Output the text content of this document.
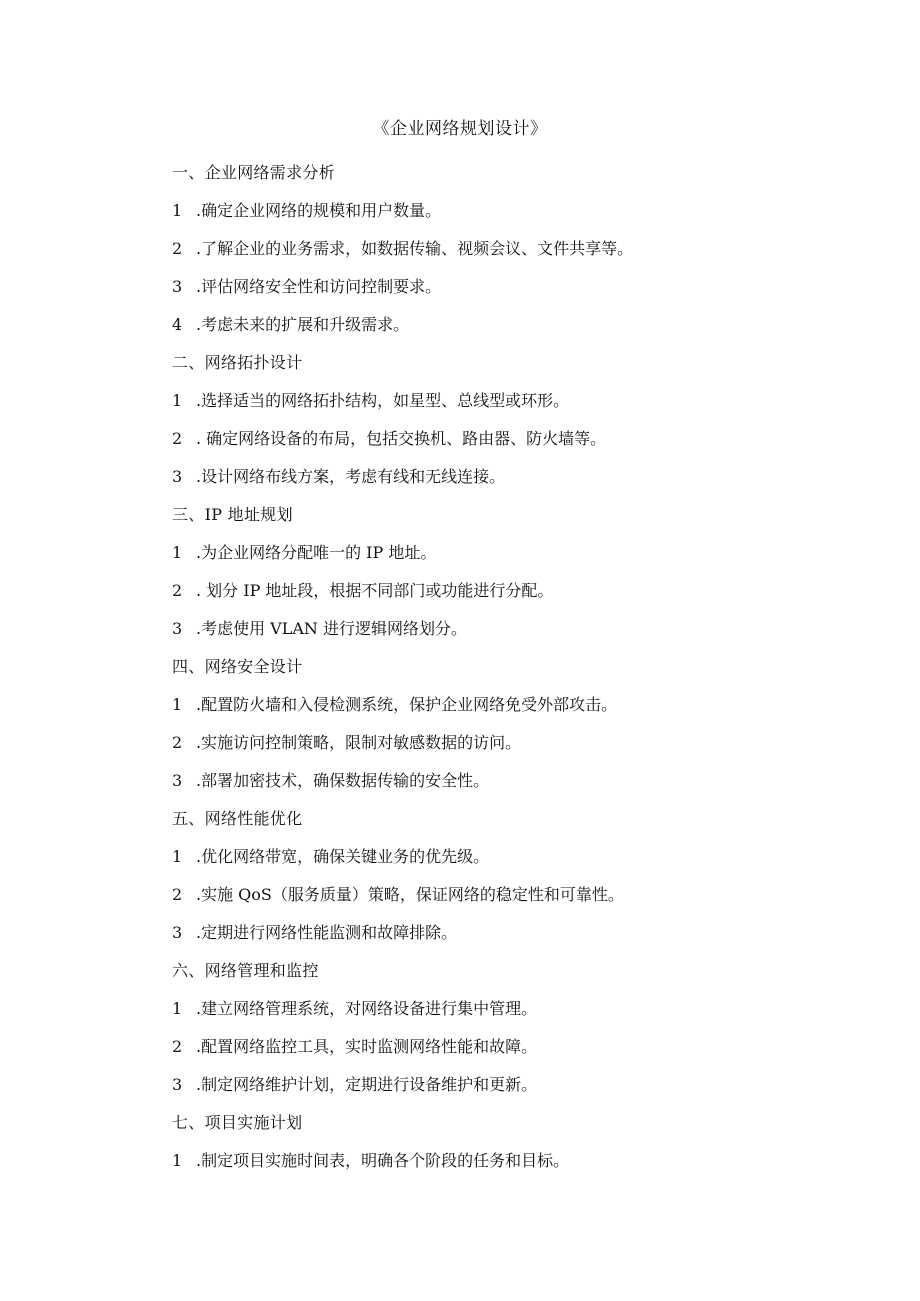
《企业网络规划设计》
一、企业网络需求分析
1 .确定企业网络的规模和用户数量。
2 .了解企业的业务需求，如数据传输、视频会议、文件共享等。
3 .评估网络安全性和访问控制要求。
4 .考虑未来的扩展和升级需求。
二、网络拓扑设计
1 .选择适当的网络拓扑结构，如星型、总线型或环形。
2 . 确定网络设备的布局，包括交换机、路由器、防火墙等。
3 .设计网络布线方案，考虑有线和无线连接。
三、IP 地址规划
1 .为企业网络分配唯一的 IP 地址。
2 . 划分 IP 地址段，根据不同部门或功能进行分配。
3 .考虑使用 VLAN 进行逻辑网络划分。
四、网络安全设计
1 .配置防火墙和入侵检测系统，保护企业网络免受外部攻击。
2 .实施访问控制策略，限制对敏感数据的访问。
3 .部署加密技术，确保数据传输的安全性。
五、网络性能优化
1 .优化网络带宽，确保关键业务的优先级。
2 .实施 QoS（服务质量）策略，保证网络的稳定性和可靠性。
3 .定期进行网络性能监测和故障排除。
六、网络管理和监控
1 .建立网络管理系统，对网络设备进行集中管理。
2 .配置网络监控工具，实时监测网络性能和故障。
3 .制定网络维护计划，定期进行设备维护和更新。
七、项目实施计划
1 .制定项目实施时间表，明确各个阶段的任务和目标。
